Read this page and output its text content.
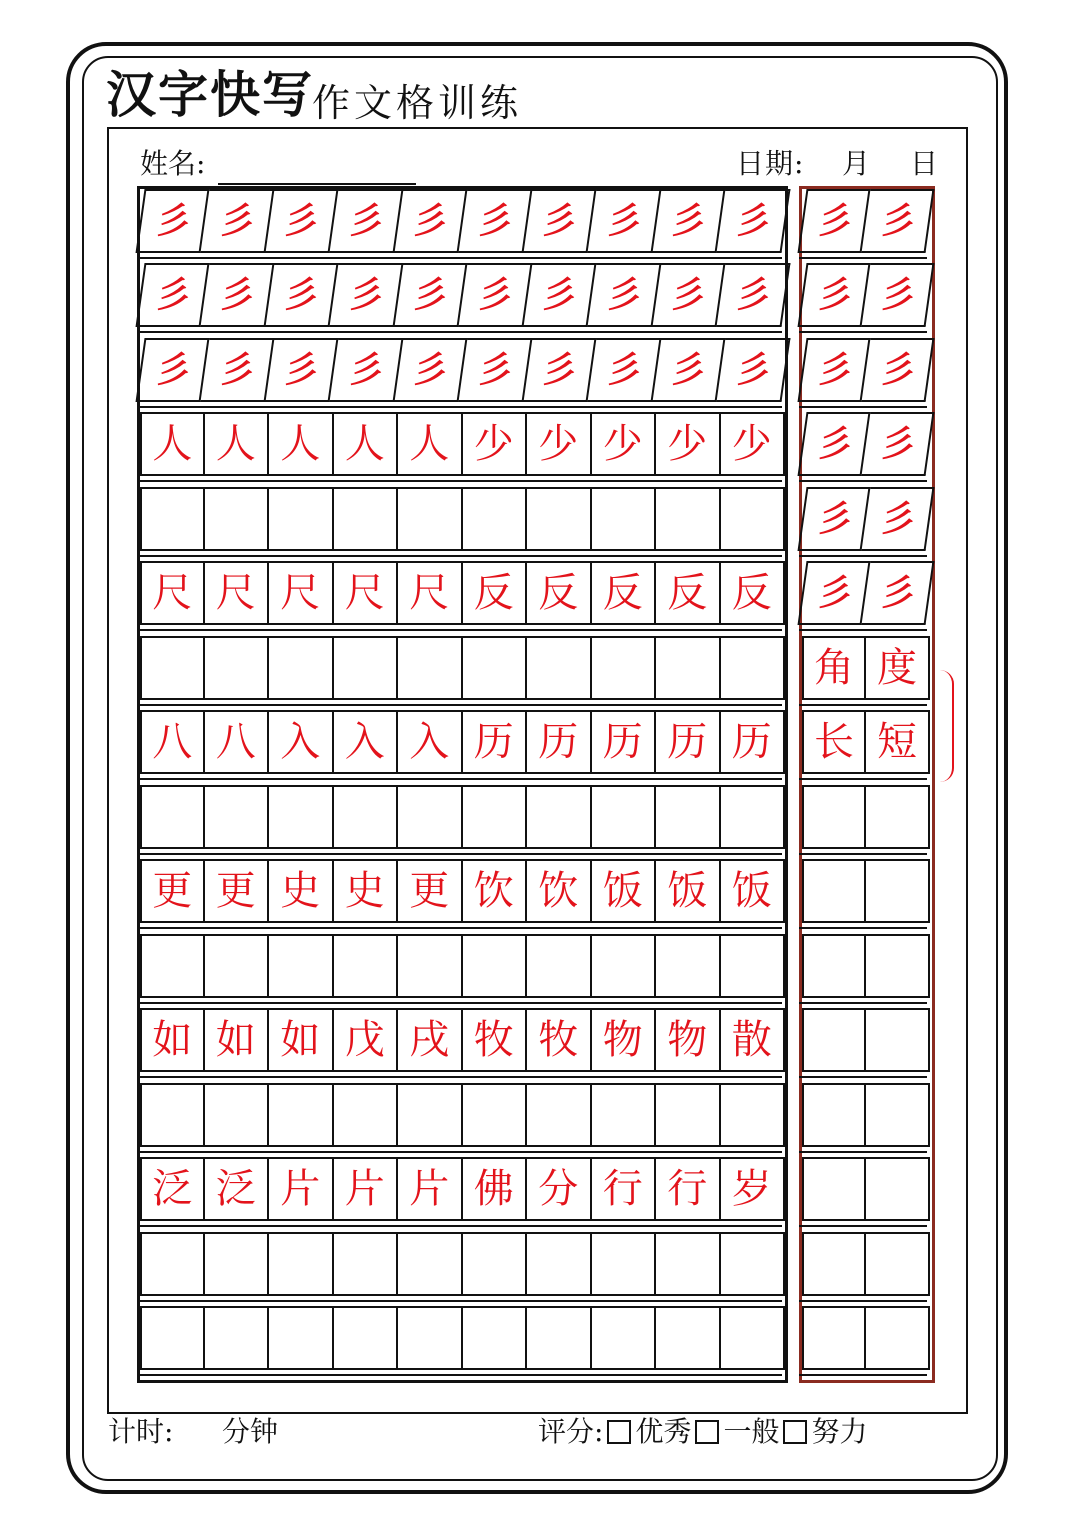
汉字快写
作文格训练
姓名:	日期: 月 日
彡 彡 彡 彡 彡 彡 彡 彡 彡 彡
彡 彡 彡 彡 彡 彡 彡 彡 彡 彡
彡 彡 彡 彡 彡 彡 彡 彡 彡 彡
人 人 人 人 人 少 少 少 少 少
尺 尺 尺 尺 尺 反 反 反 反 反
八 八 入 入 入 历 历 历 历 历
更 更 史 史 更 饮 饮 饭 饭 饭
如 如 如 戊 戌 牧 牧 物 物 散
泛 泛 片 片 片 佛 分 行 行 岁
彡 彡
彡 彡
彡 彡
彡 彡
彡 彡
彡 彡
角 度
长 短
计时: 分钟	评分: 优秀 一般 努力
